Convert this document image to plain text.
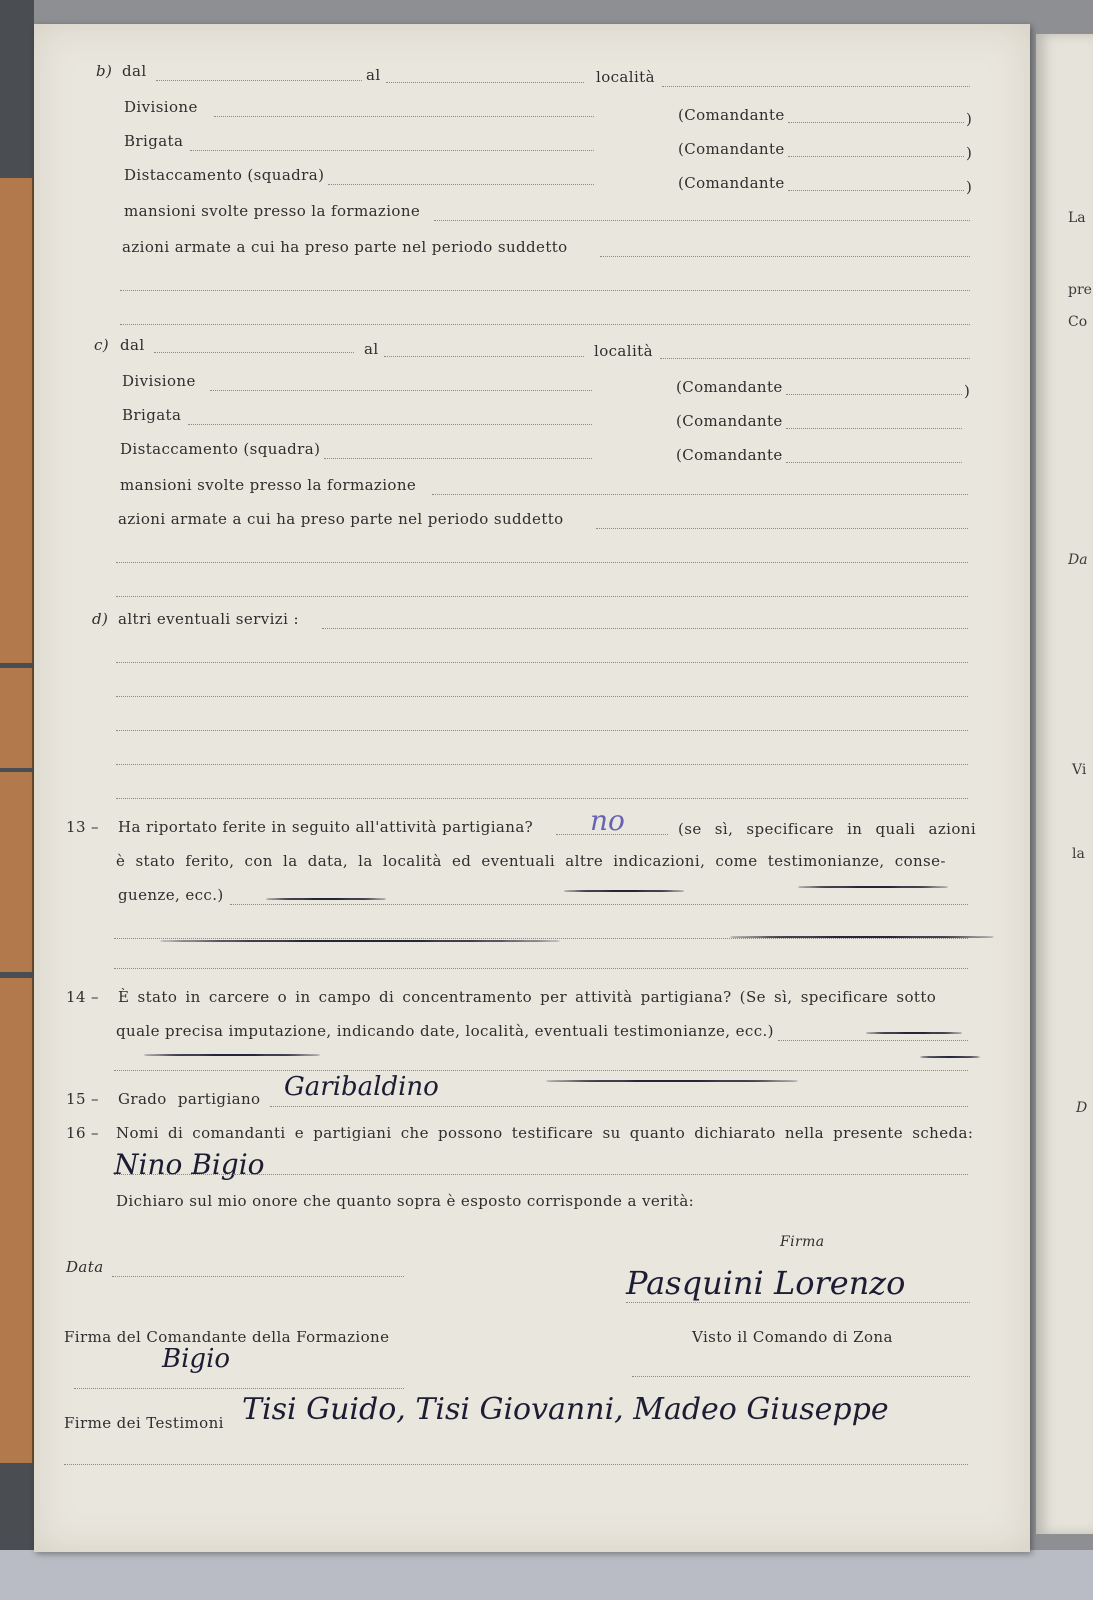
La
pre
Co
Da
Vi
la
D
b) dal	al	località
Divisione	(Comandante	)
Brigata	(Comandante	)
Distaccamento (squadra)	(Comandante	)
mansioni svolte presso la formazione
azioni armate a cui ha preso parte nel periodo suddetto
c) dal	al	località
Divisione	(Comandante	)
Brigata	(Comandante
Distaccamento (squadra)	(Comandante
mansioni svolte presso la formazione
azioni armate a cui ha preso parte nel periodo suddetto
d) altri eventuali servizi :
13 – Ha riportato ferite in seguito all'attività partigiana? no	(se sì, specificare in quali azioni
è stato ferito, con la data, la località ed eventuali altre indicazioni, come testimonianze, conse-
guenze, ecc.)
14 – È stato in carcere o in campo di concentramento per attività partigiana? (Se sì, specificare sotto
quale precisa imputazione, indicando date, località, eventuali testimonianze, ecc.)
15 – Grado partigiano Garibaldino
16 – Nomi di comandanti e partigiani che possono testificare su quanto dichiarato nella presente scheda:
Nino Bigio
Dichiaro sul mio onore che quanto sopra è esposto corrisponde a verità:
Data
Firma
Pasquini Lorenzo
Firma del Comandante della Formazione
Bigio
Visto il Comando di Zona
Firme dei Testimoni Tisi Guido, Tisi Giovanni, Madeo Giuseppe
